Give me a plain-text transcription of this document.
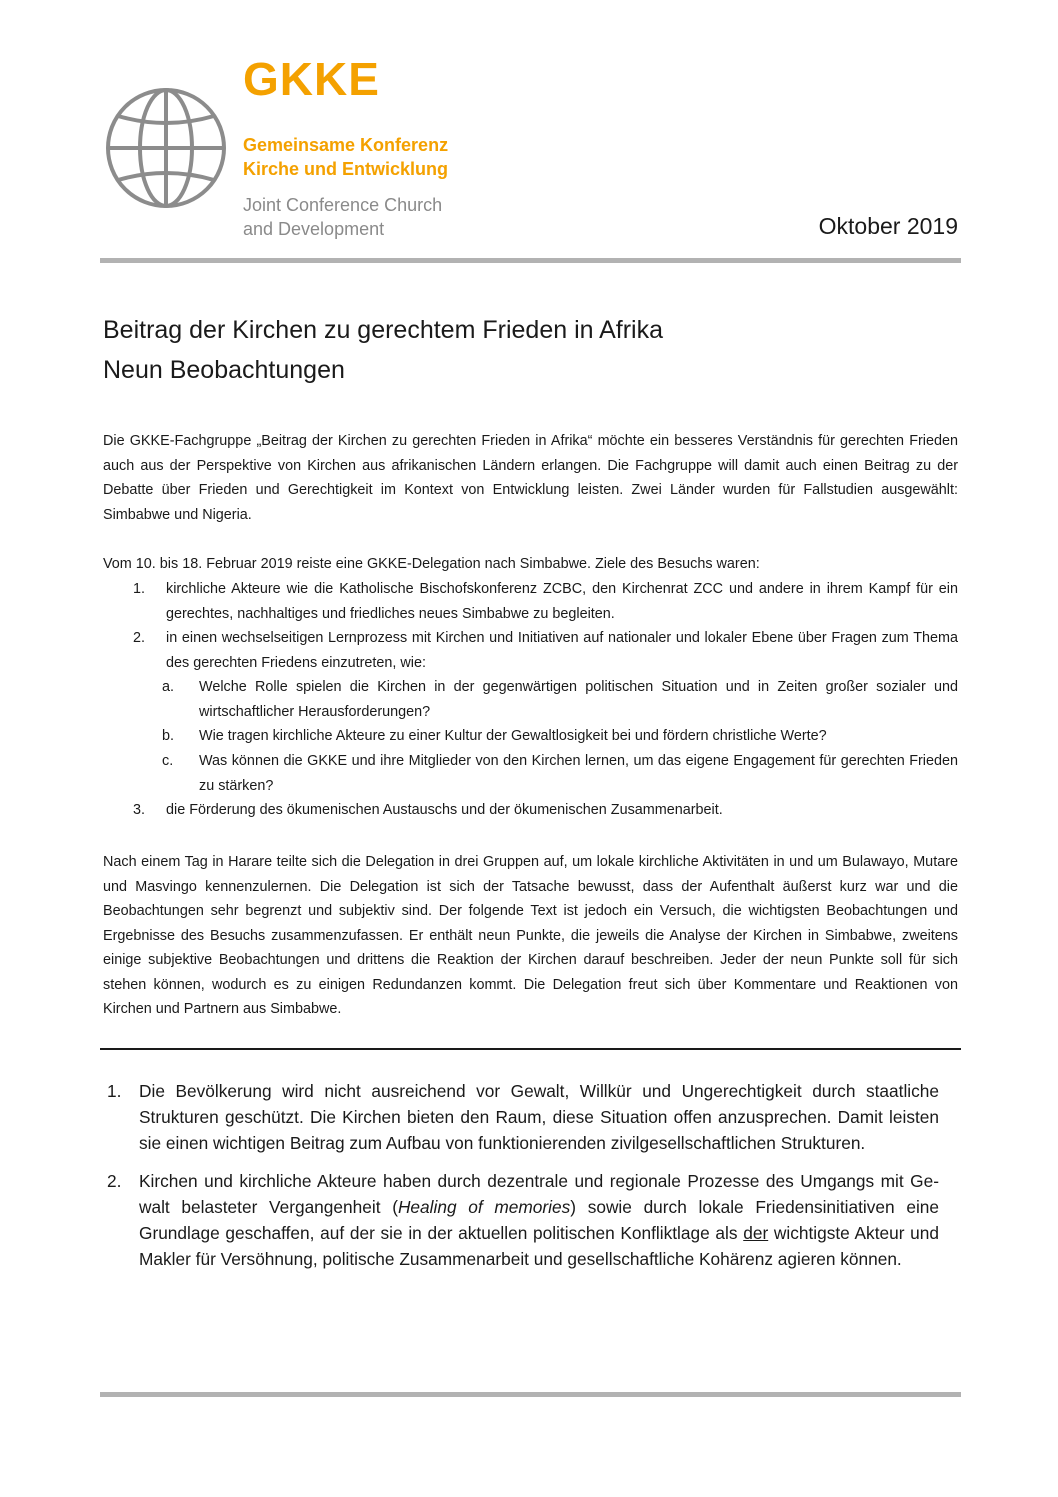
GKKE
Gemeinsame Konferenz
Kirche und Entwicklung
Joint Conference Church
and Development	Oktober 2019
Beitrag der Kirchen zu gerechtem Frieden in Afrika
Neun Beobachtungen
Die GKKE-Fachgruppe „Beitrag der Kirchen zu gerechten Frieden in Afrika“ möchte ein besseres Verständnis für gerechten Frieden auch aus der Perspektive von Kirchen aus afrikanischen Ländern erlangen. Die Fachgruppe will damit auch einen Beitrag zu der Debatte über Frieden und Gerechtigkeit im Kontext von Entwicklung leisten. Zwei Länder wurden für Fallstudien ausgewählt: Simbabwe und Nigeria.
Vom 10. bis 18. Februar 2019 reiste eine GKKE-Delegation nach Simbabwe. Ziele des Besuchs waren:
1. kirchliche Akteure wie die Katholische Bischofskonferenz ZCBC, den Kirchenrat ZCC und andere in ihrem Kampf für ein gerechtes, nachhaltiges und friedliches neues Simbabwe zu begleiten.
2. in einen wechselseitigen Lernprozess mit Kirchen und Initiativen auf nationaler und lokaler Ebene über Fragen zum Thema des gerechten Friedens einzutreten, wie:
a. Welche Rolle spielen die Kirchen in der gegenwärtigen politischen Situation und in Zeiten großer sozialer und wirtschaftlicher Herausforderungen?
b. Wie tragen kirchliche Akteure zu einer Kultur der Gewaltlosigkeit bei und fördern christliche Werte?
c. Was können die GKKE und ihre Mitglieder von den Kirchen lernen, um das eigene Engagement für gerechten Frieden zu stärken?
3. die Förderung des ökumenischen Austauschs und der ökumenischen Zusammenarbeit.
Nach einem Tag in Harare teilte sich die Delegation in drei Gruppen auf, um lokale kirchliche Aktivitäten in und um Bulawayo, Mutare und Masvingo kennenzulernen. Die Delegation ist sich der Tatsache bewusst, dass der Aufenthalt äußerst kurz war und die Beobachtungen sehr begrenzt und subjektiv sind. Der folgende Text ist jedoch ein Versuch, die wichtigsten Beobachtungen und Ergebnisse des Besuchs zusammenzufassen. Er enthält neun Punkte, die jeweils die Analyse der Kirchen in Simbabwe, zweitens einige subjektive Beobachtungen und drittens die Reaktion der Kirchen darauf beschreiben. Jeder der neun Punkte soll für sich stehen können, wodurch es zu einigen Redundanzen kommt. Die Delegation freut sich über Kommentare und Reaktionen von Kirchen und Partnern aus Simbabwe.
1. Die Bevölkerung wird nicht ausreichend vor Gewalt, Willkür und Ungerechtigkeit durch staatliche Strukturen geschützt. Die Kirchen bieten den Raum, diese Situation offen anzusprechen. Damit leisten sie einen wichtigen Beitrag zum Aufbau von funktionierenden zivilgesellschaftlichen Strukturen.
2. Kirchen und kirchliche Akteure haben durch dezentrale und regionale Prozesse des Umgangs mit Gewalt belasteter Vergangenheit (Healing of memories) sowie durch lokale Friedensinitiativen eine Grundlage geschaffen, auf der sie in der aktuellen politischen Konfliktlage als der wichtigste Akteur und Makler für Versöhnung, politische Zusammenarbeit und gesellschaftliche Kohärenz agieren können.
